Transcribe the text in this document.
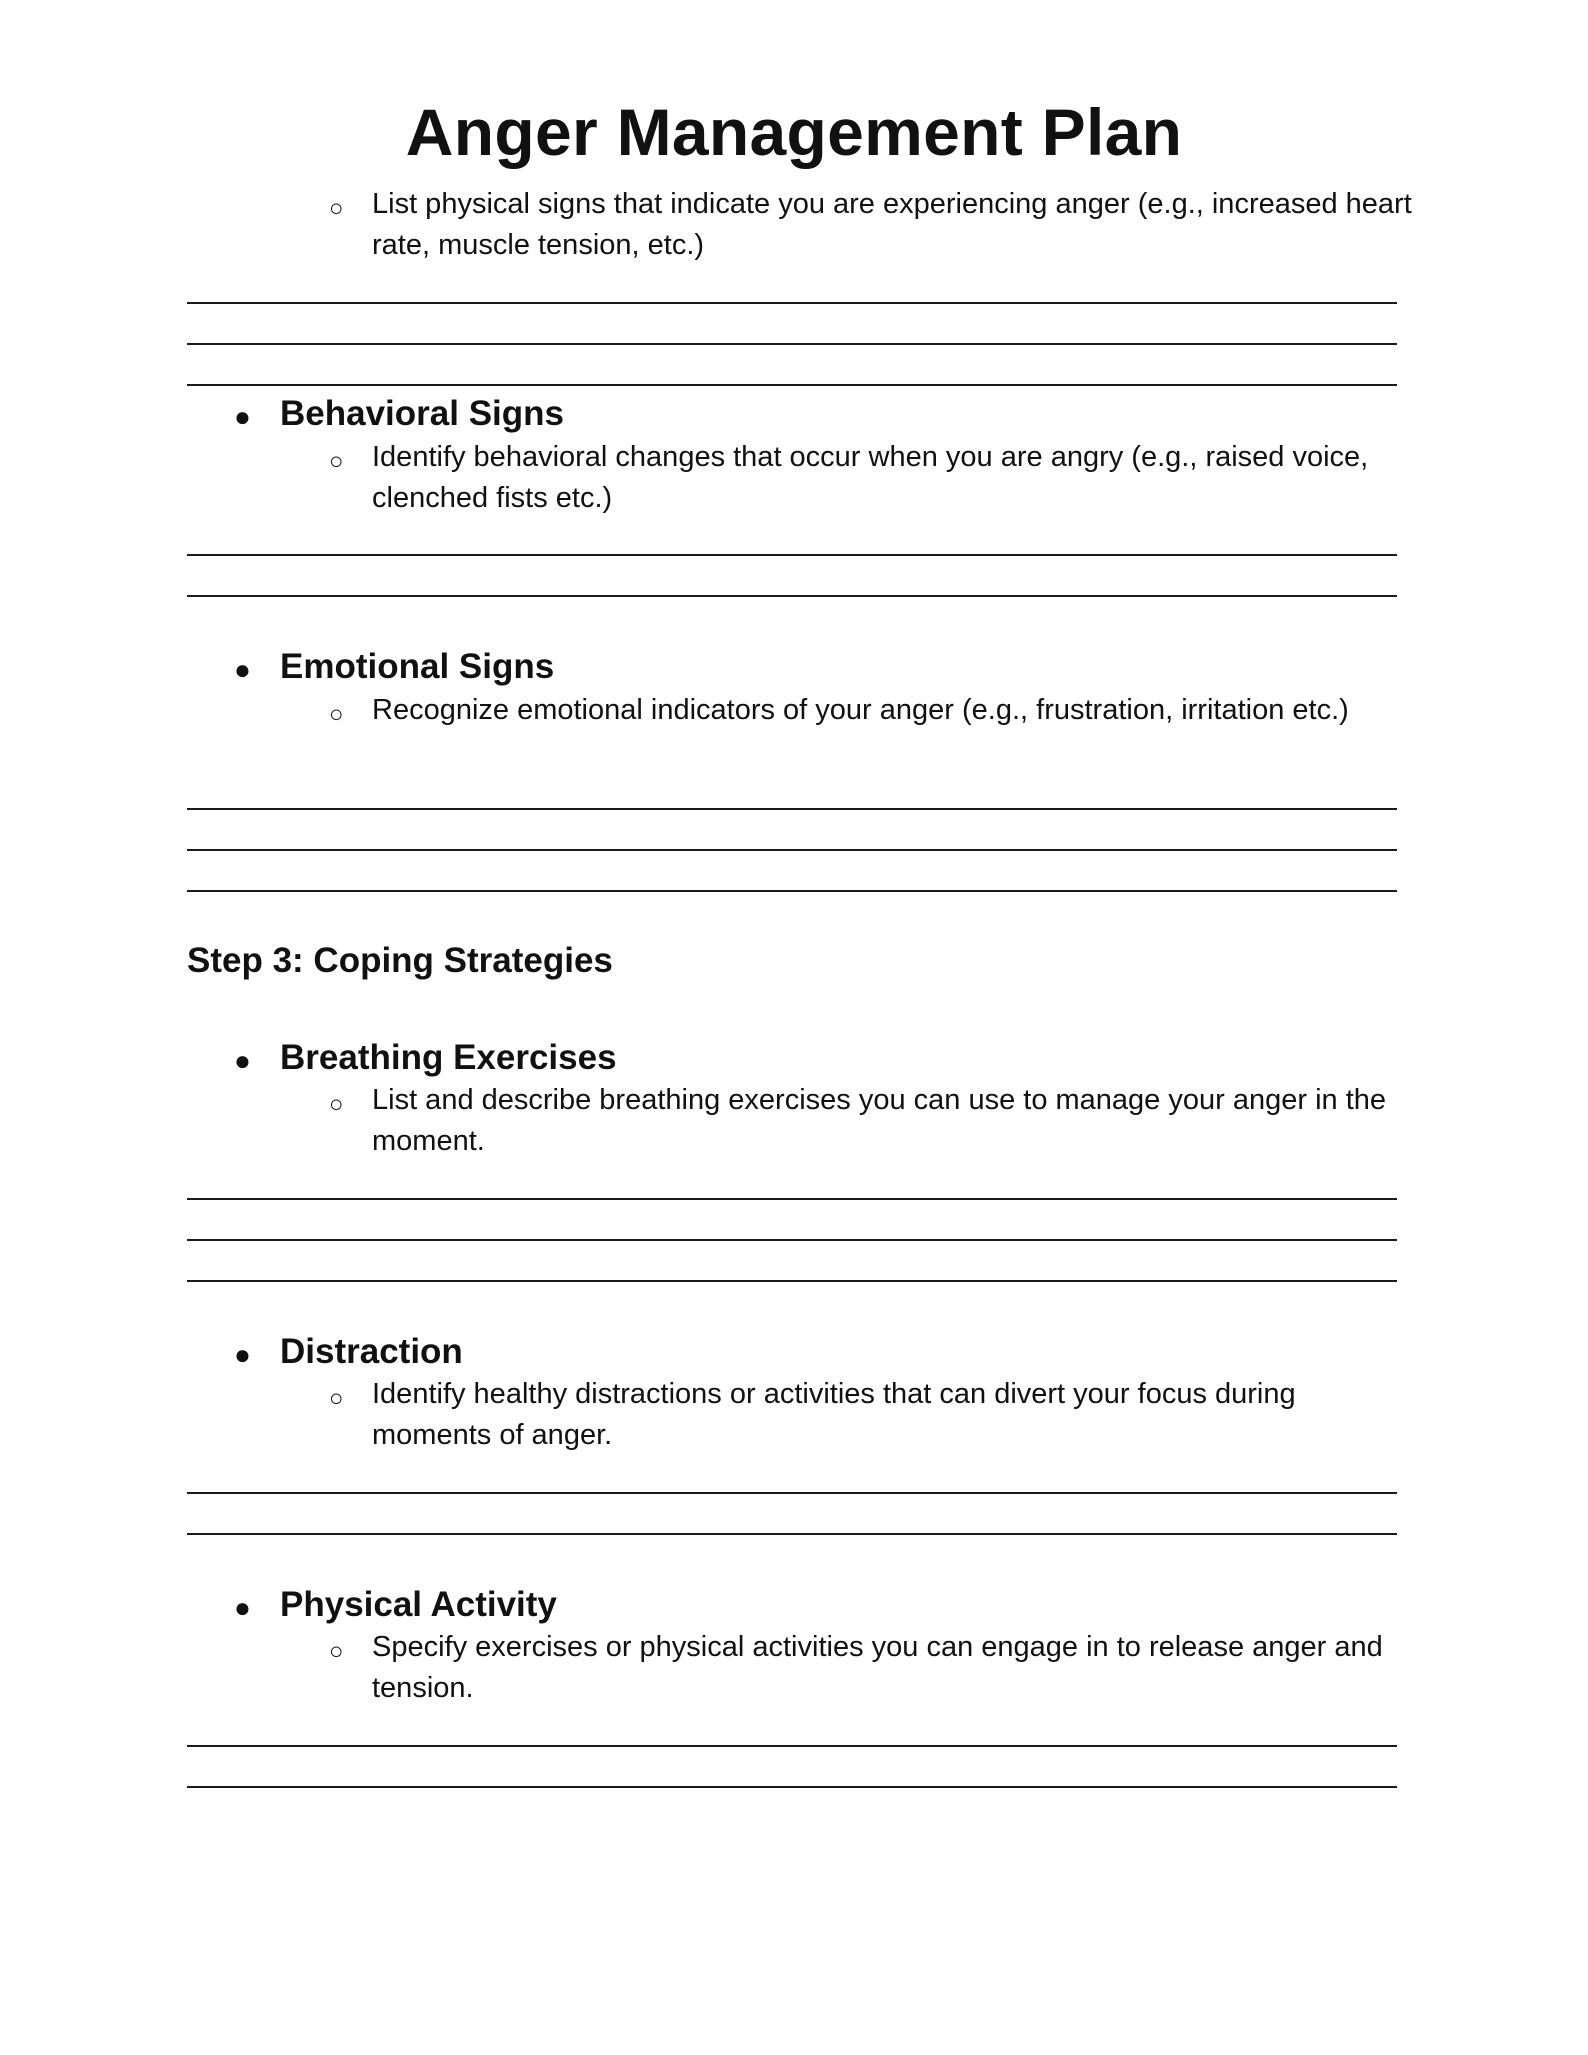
Anger Management Plan
○ List physical signs that indicate you are experiencing anger (e.g., increased heart rate, muscle tension, etc.)
● Behavioral Signs
○ Identify behavioral changes that occur when you are angry (e.g., raised voice, clenched fists etc.)
● Emotional Signs
○ Recognize emotional indicators of your anger (e.g., frustration, irritation etc.)
Step 3: Coping Strategies
● Breathing Exercises
○ List and describe breathing exercises you can use to manage your anger in the moment.
● Distraction
○ Identify healthy distractions or activities that can divert your focus during moments of anger.
● Physical Activity
○ Specify exercises or physical activities you can engage in to release anger and tension.
